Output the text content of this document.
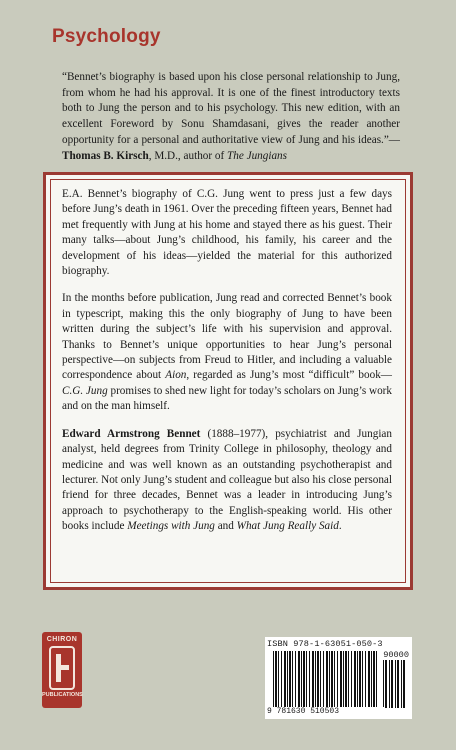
Psychology
“Bennet’s biography is based upon his close personal relationship to Jung, from whom he had his approval. It is one of the finest introductory texts both to Jung the person and to his psychology. This new edition, with an excellent Foreword by Sonu Shamdasani, gives the reader another opportunity for a personal and authoritative view of Jung and his ideas.”—Thomas B. Kirsch, M.D., author of The Jungians

E.A. Bennet’s biography of C.G. Jung went to press just a few days before Jung’s death in 1961. Over the preceding fifteen years, Bennet had met frequently with Jung at his home and stayed there as his guest. Their many talks—about Jung’s childhood, his family, his career and the development of his ideas—yielded the material for this authorized biography.

In the months before publication, Jung read and corrected Bennet’s book in typescript, making this the only biography of Jung to have been written during the subject’s life with his supervision and approval. Thanks to Bennet’s unique opportunities to hear Jung’s personal perspective—on subjects from Freud to Hitler, and including a valuable correspondence about Aion, regarded as Jung’s most “difficult” book—C.G. Jung promises to shed new light for today’s scholars on Jung’s work and on the man himself.

Edward Armstrong Bennet (1888–1977), psychiatrist and Jungian analyst, held degrees from Trinity College in philosophy, theology and medicine and was well known as an outstanding psychotherapist and lecturer. Not only Jung’s student and colleague but also his close personal friend for three decades, Bennet was a leader in introducing Jung’s approach to psychotherapy to the English-speaking world. His other books include Meetings with Jung and What Jung Really Said.

CHIRON
PUBLICATIONS
ISBN 978-1-63051-050-3
90000
9 781630 510503
